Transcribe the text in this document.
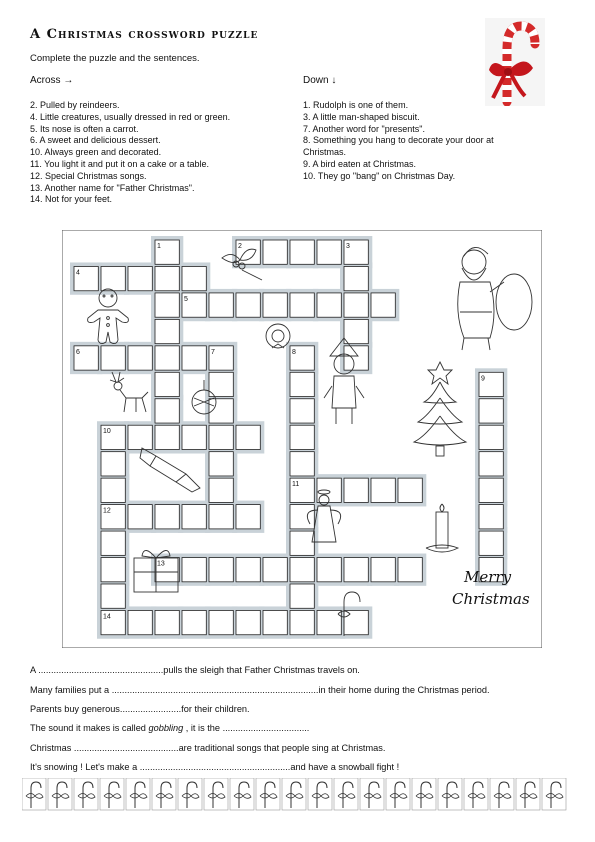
A Christmas crossword puzzle
Complete the puzzle and the sentences.
Across →	Down ↓
2. Pulled by reindeers.
4. Little creatures, usually dressed in red or green.
5. Its nose is often a carrot.
6. A sweet and delicious dessert.
10. Always green and decorated.
11. You light it and put it on a cake or a table.
12. Special Christmas songs.
13. Another name for "Father Christmas".
14. Not for your feet.
1. Rudolph is one of them.
3. A little man-shaped biscuit.
7. Another word for "presents".
8. Something you hang to decorate your door at
Christmas.
9. A bird eaten at Christmas.
10. They go "bang" on Christmas Day.
1	2	3
4
5
6	7	8
9
10
11
12
13
14
Merry
Christmas
A .................................................pulls the sleigh that Father Christmas travels on.
Many families put a .................................................................................in their home during the Christmas period.
Parents buy generous........................for their children.
The sound it makes is called gobbling , it is the ..................................
Christmas .........................................are traditional songs that people sing at Christmas.
It's snowing ! Let's make a ...........................................................and have a snowball fight !
